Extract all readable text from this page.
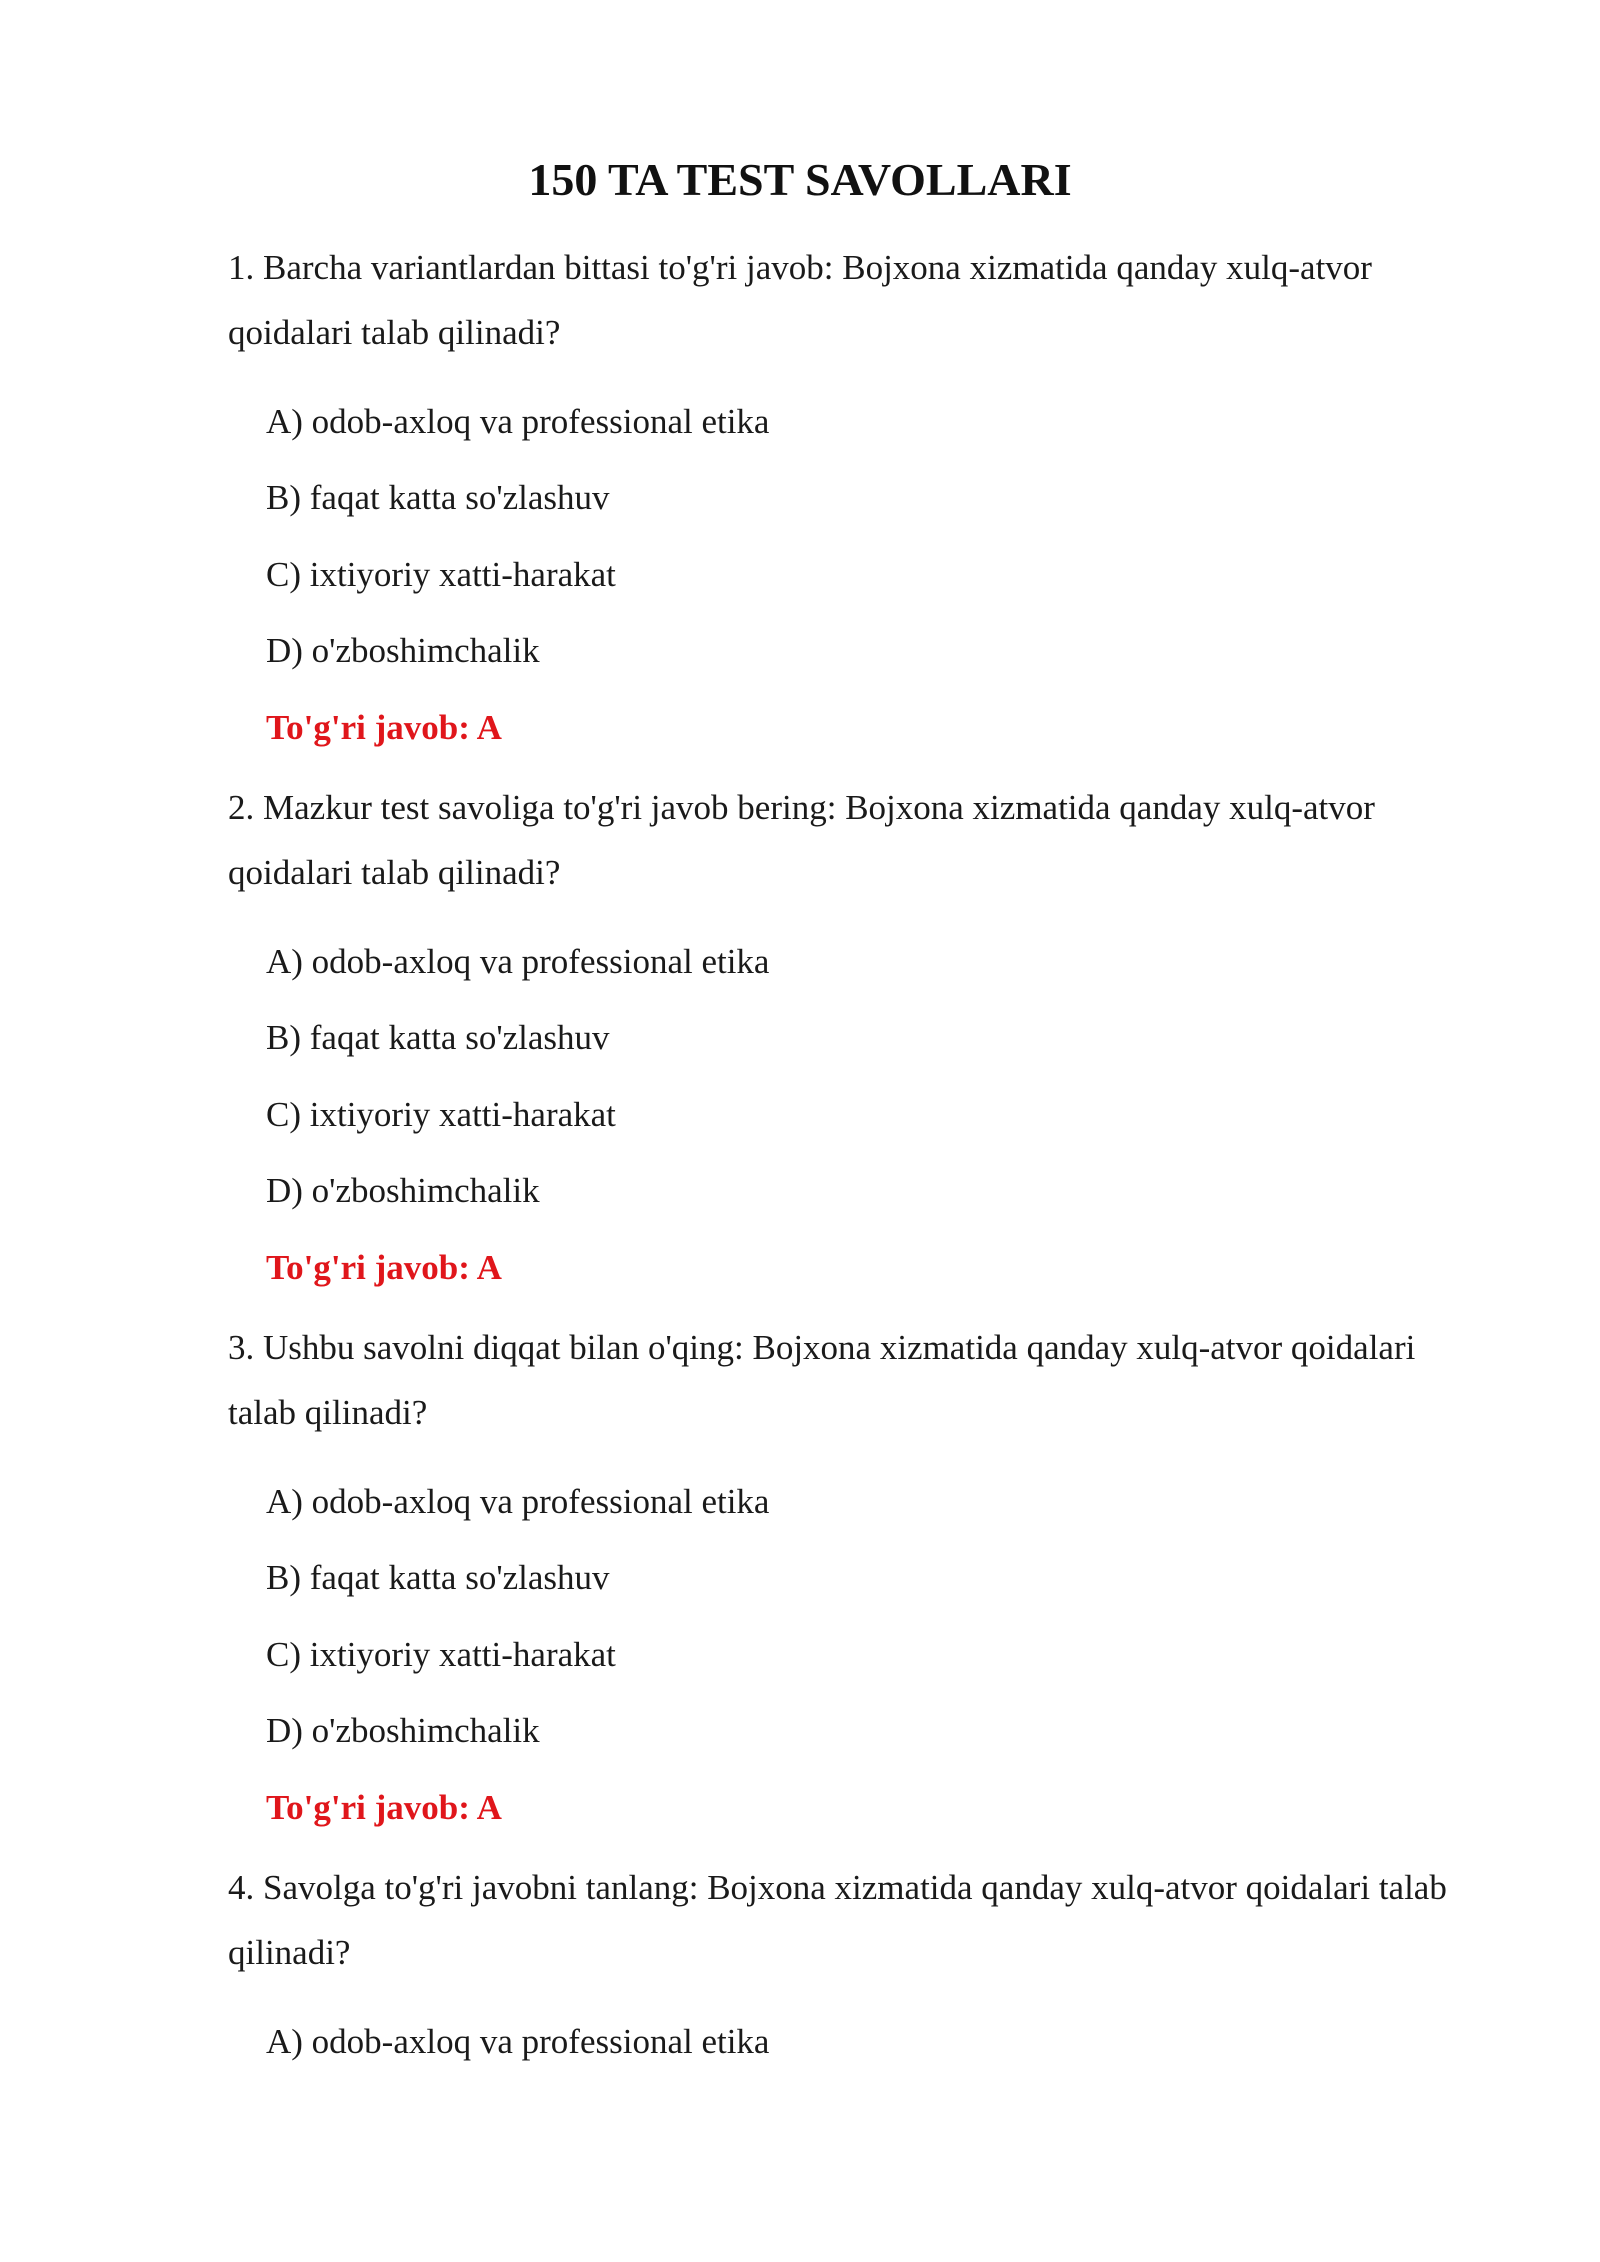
150 TA TEST SAVOLLARI

1. Barcha variantlardan bittasi to'g'ri javob: Bojxona xizmatida qanday xulq-atvor qoidalari talab qilinadi?

A) odob-axloq va professional etika

B) faqat katta so'zlashuv

C) ixtiyoriy xatti-harakat

D) o'zboshimchalik

To'g'ri javob: A

2. Mazkur test savoliga to'g'ri javob bering: Bojxona xizmatida qanday xulq-atvor qoidalari talab qilinadi?

A) odob-axloq va professional etika

B) faqat katta so'zlashuv

C) ixtiyoriy xatti-harakat

D) o'zboshimchalik

To'g'ri javob: A

3. Ushbu savolni diqqat bilan o'qing: Bojxona xizmatida qanday xulq-atvor qoidalari talab qilinadi?

A) odob-axloq va professional etika

B) faqat katta so'zlashuv

C) ixtiyoriy xatti-harakat

D) o'zboshimchalik

To'g'ri javob: A

4. Savolga to'g'ri javobni tanlang: Bojxona xizmatida qanday xulq-atvor qoidalari talab qilinadi?

A) odob-axloq va professional etika
